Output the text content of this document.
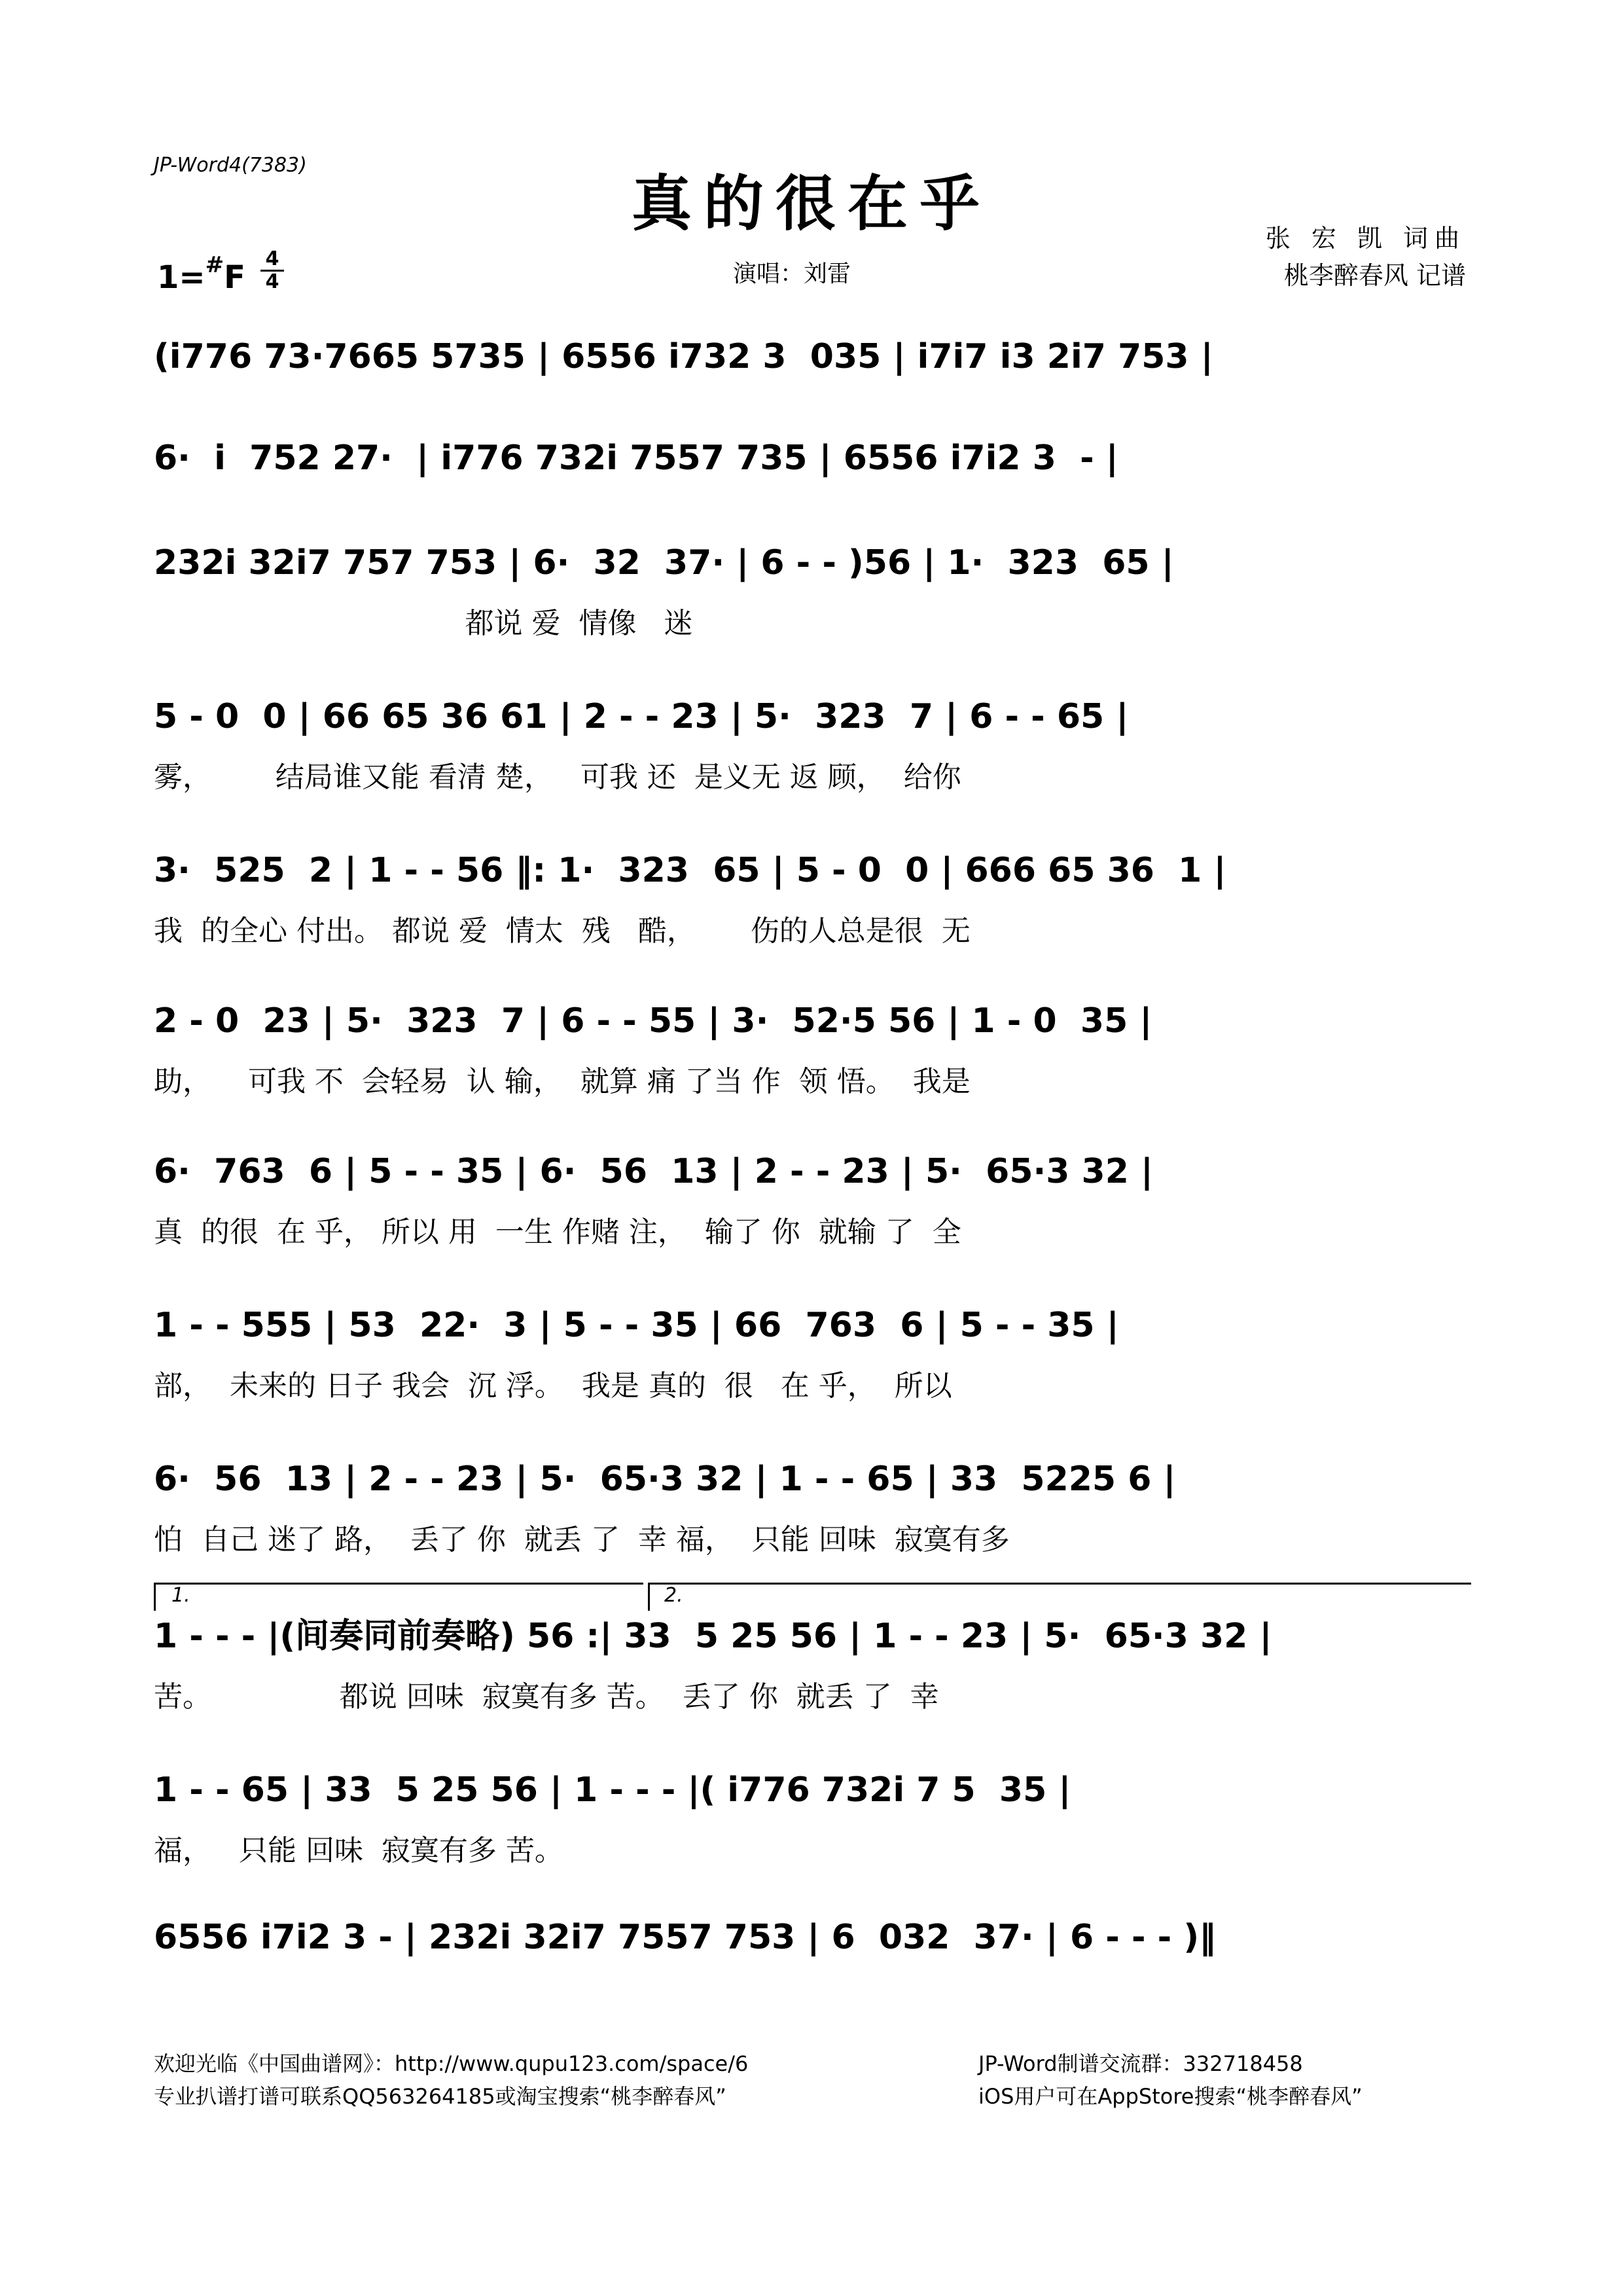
JP-Word4(7383)
真的很在乎
1=#F
4
4	演唱：刘雷
张 宏 凯 词曲
桃李醉春风 记谱
(i776 73·7665 5735 | 6556 i732 3  035 | i7i7 i3 2i7 753 |
6·  i  752 27·  | i776 732i 7557 735 | 6556 i7i2 3  - |
232i 32i7 757 753 | 6·  32  37· | 6 - - )56 | 1·  323  65 |
都说 爱  情像   迷
5 - 0  0 | 66 65 36 61 | 2 - - 23 | 5·  323  7 | 6 - - 65 |
雾，       结局谁又能 看清 楚，   可我 还  是义无 返 顾，  给你
3·  525  2 | 1 - - 56 ‖: 1·  323  65 | 5 - 0  0 | 666 65 36  1 |
我  的全心 付出。 都说 爱  情太  残   酷，      伤的人总是很  无
2 - 0  23 | 5·  323  7 | 6 - - 55 | 3·  52·5 56 | 1 - 0  35 |
助，    可我 不  会轻易  认 输，  就算 痛 了当 作  领 悟。  我是
6·  763  6 | 5 - - 35 | 6·  56  13 | 2 - - 23 | 5·  65·3 32 |
真  的很  在 乎， 所以 用  一生 作赌 注，  输了 你  就输 了  全
1 - - 555 | 53  22·  3 | 5 - - 35 | 66  763  6 | 5 - - 35 |
部，  未来的 日子 我会  沉 浮。  我是 真的  很   在 乎，  所以
6·  56  13 | 2 - - 23 | 5·  65·3 32 | 1 - - 65 | 33  5225 6 |
怕  自己 迷了 路，  丢了 你  就丢 了  幸 福，  只能 回味  寂寞有多
1.	2.
1 - - - |(间奏同前奏略) 56 :| 33  5 25 56 | 1 - - 23 | 5·  65·3 32 |
苦。              都说 回味  寂寞有多 苦。  丢了 你  就丢 了  幸
1 - - 65 | 33  5 25 56 | 1 - - - |( i776 732i 7 5  35 |
福，   只能 回味  寂寞有多 苦。
6556 i7i2 3 - | 232i 32i7 7557 753 | 6  032  37· | 6 - - - )‖
欢迎光临《中国曲谱网》：http://www.qupu123.com/space/6
专业扒谱打谱可联系QQ563264185或淘宝搜索“桃李醉春风”
JP-Word制谱交流群：332718458
iOS用户可在AppStore搜索“桃李醉春风”
